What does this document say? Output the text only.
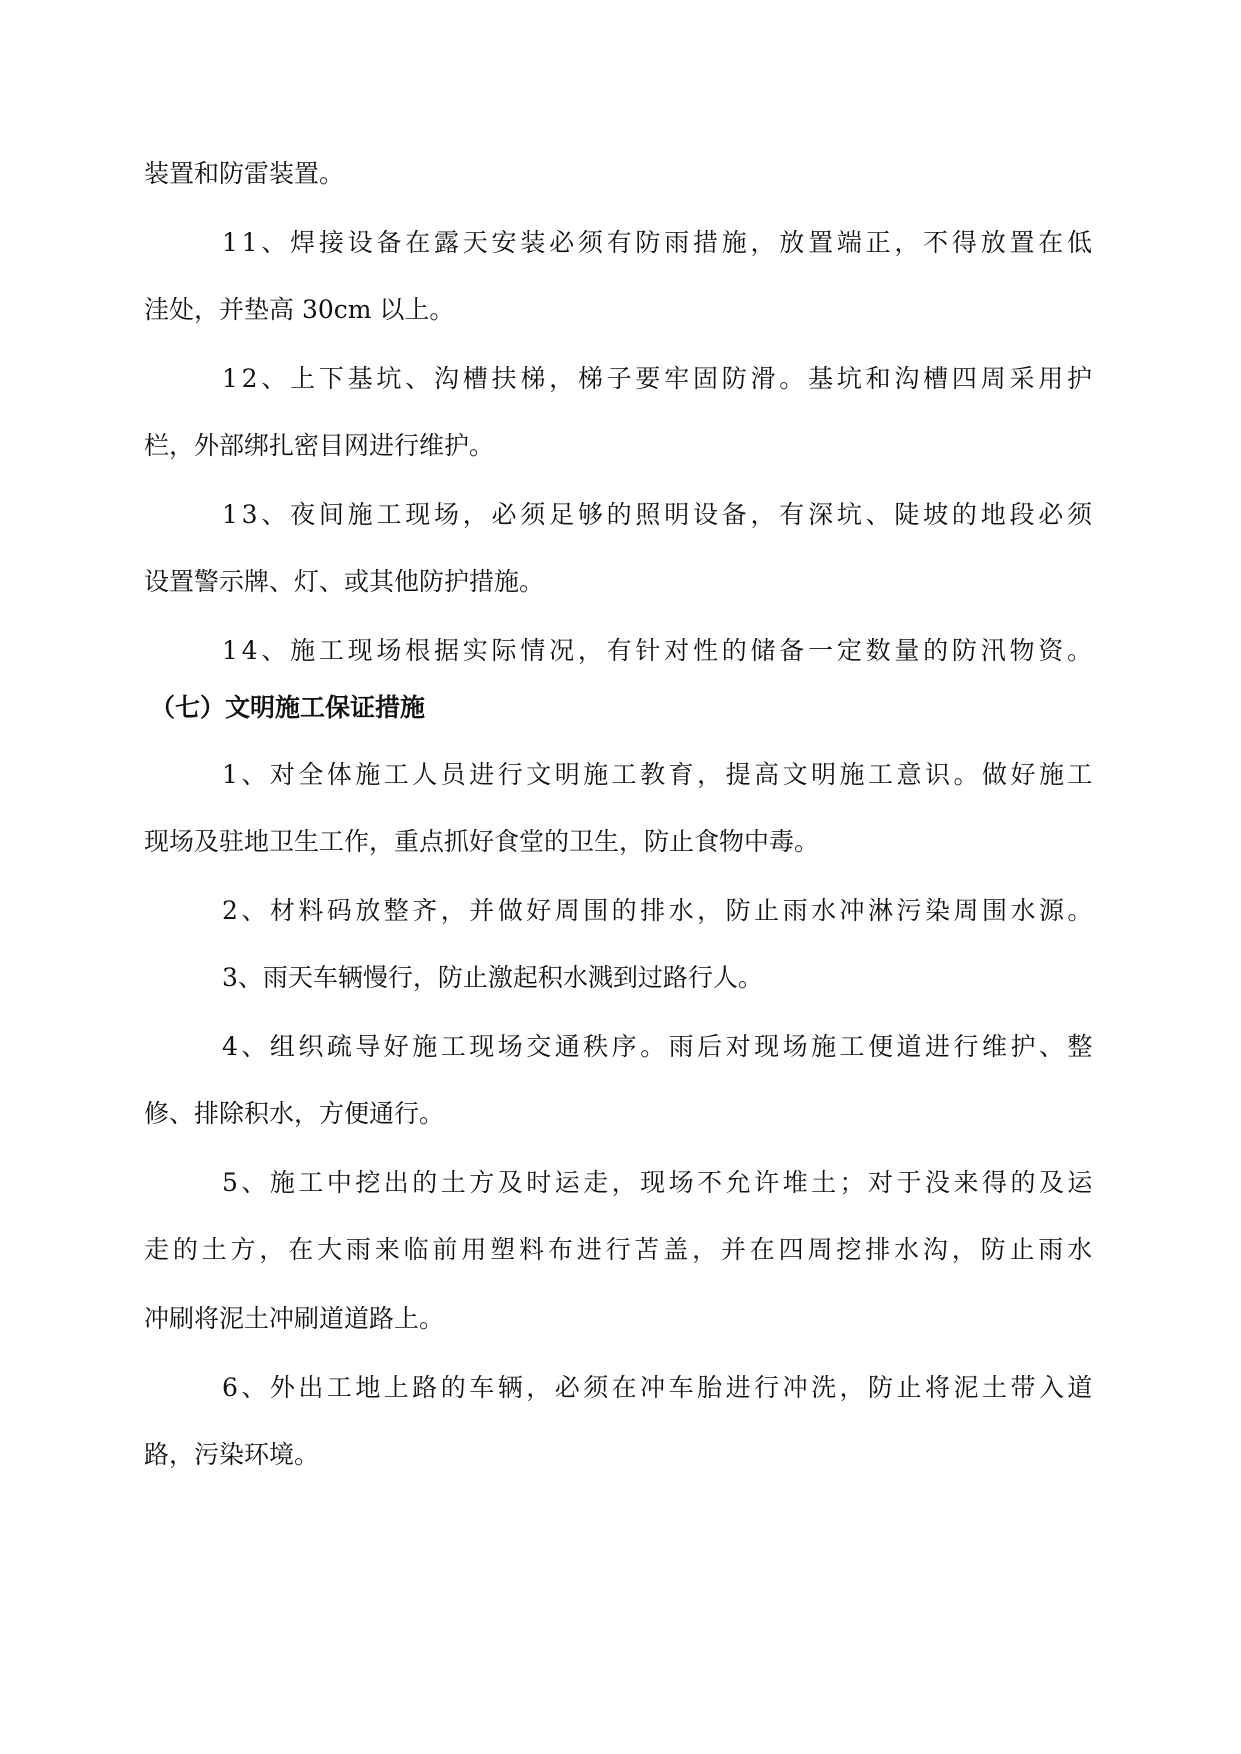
装置和防雷装置。

11、焊接设备在露天安装必须有防雨措施，放置端正，不得放置在低

洼处，并垫高 30cm 以上。

12、上下基坑、沟槽扶梯，梯子要牢固防滑。基坑和沟槽四周采用护

栏，外部绑扎密目网进行维护。

13、夜间施工现场，必须足够的照明设备，有深坑、陡坡的地段必须

设置警示牌、灯、或其他防护措施。

14、施工现场根据实际情况，有针对性的储备一定数量的防汛物资。

（七）文明施工保证措施

1、对全体施工人员进行文明施工教育，提高文明施工意识。做好施工

现场及驻地卫生工作，重点抓好食堂的卫生，防止食物中毒。

2、材料码放整齐，并做好周围的排水，防止雨水冲淋污染周围水源。

3、雨天车辆慢行，防止激起积水溅到过路行人。

4、组织疏导好施工现场交通秩序。雨后对现场施工便道进行维护、整

修、排除积水，方便通行。

5、施工中挖出的土方及时运走，现场不允许堆土；对于没来得的及运

走的土方，在大雨来临前用塑料布进行苫盖，并在四周挖排水沟，防止雨水

冲刷将泥土冲刷道道路上。

6、外出工地上路的车辆，必须在冲车胎进行冲洗，防止将泥土带入道

路，污染环境。
